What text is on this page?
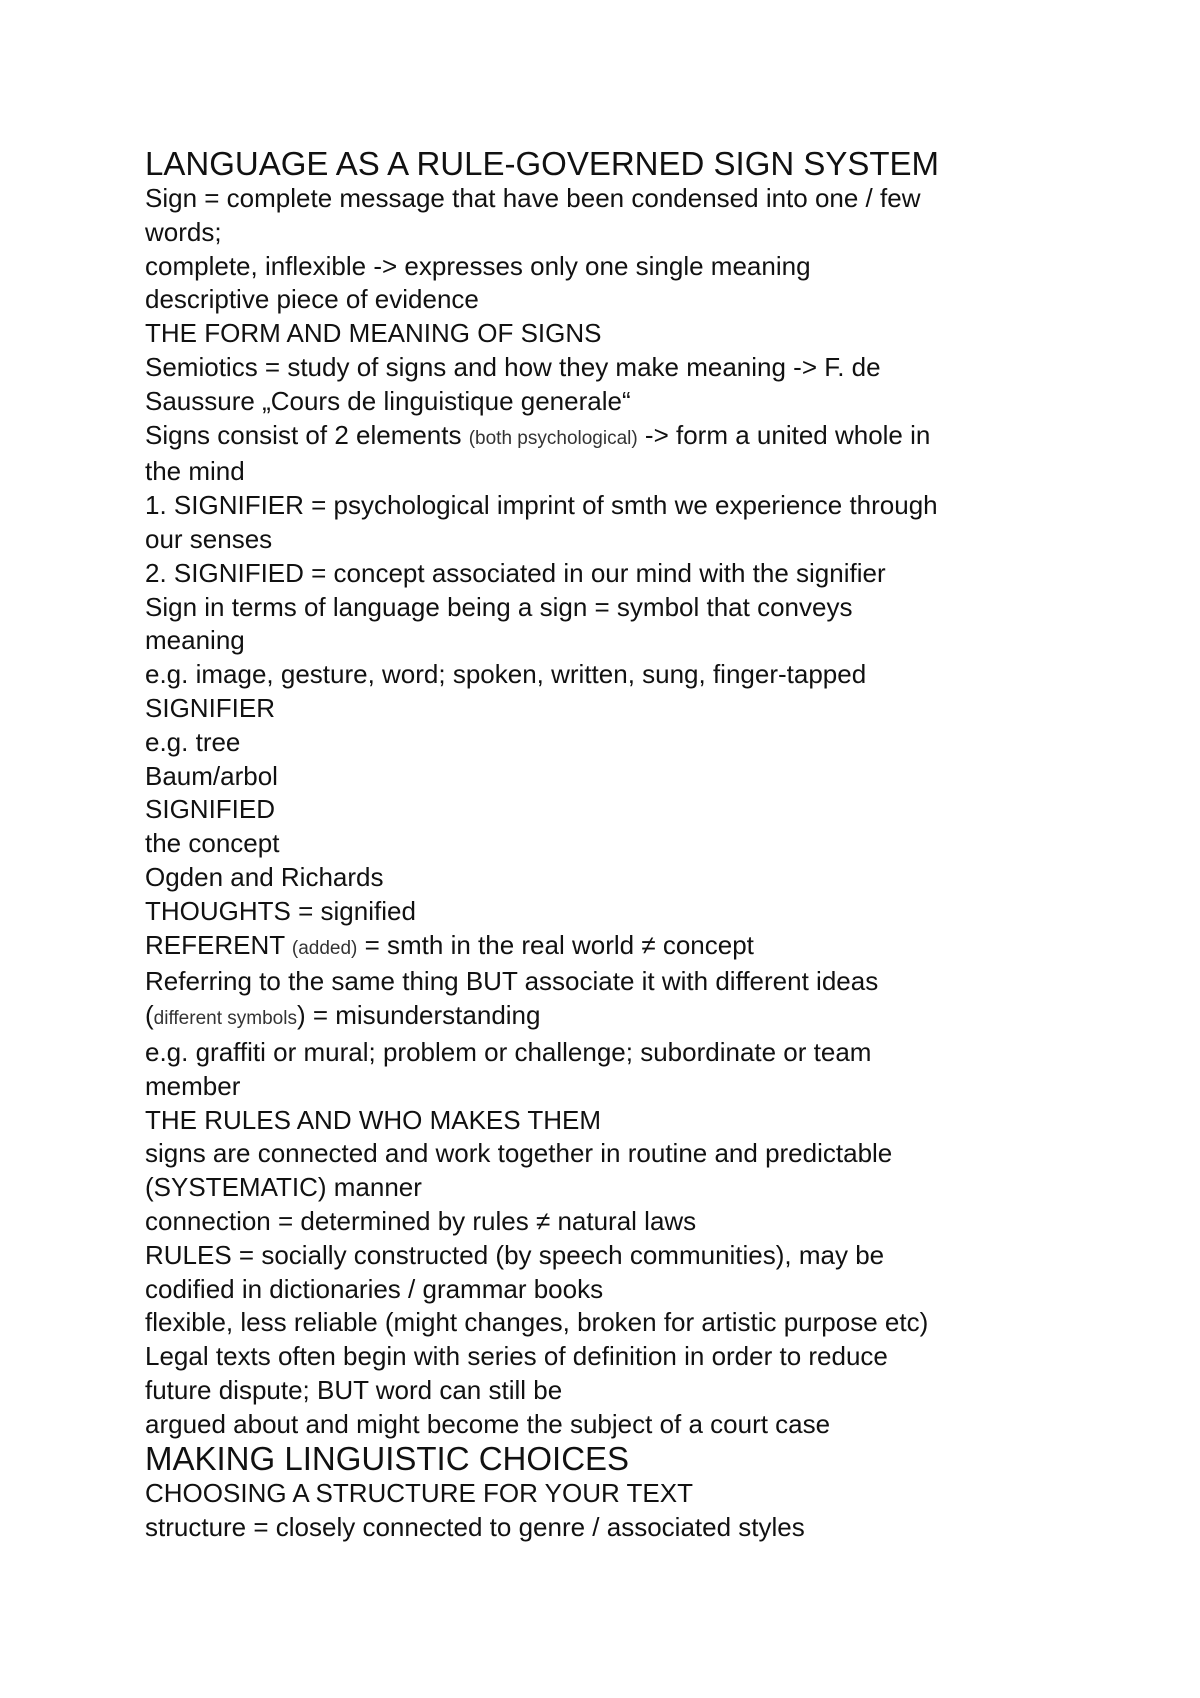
LANGUAGE AS A RULE-GOVERNED SIGN SYSTEM
Sign = complete message that have been condensed into one / few
words;
complete, inflexible -> expresses only one single meaning
descriptive piece of evidence
THE FORM AND MEANING OF SIGNS
Semiotics = study of signs and how they make meaning -> F. de
Saussure „Cours de linguistique generale“
Signs consist of 2 elements (both psychological) -> form a united whole in
the mind
1. SIGNIFIER = psychological imprint of smth we experience through
our senses
2. SIGNIFIED = concept associated in our mind with the signifier
Sign in terms of language being a sign = symbol that conveys
meaning
e.g. image, gesture, word; spoken, written, sung, finger-tapped
SIGNIFIER
e.g. tree
Baum/arbol
SIGNIFIED
the concept
Ogden and Richards
THOUGHTS = signified
REFERENT (added) = smth in the real world ≠ concept
Referring to the same thing BUT associate it with different ideas
(different symbols) = misunderstanding
e.g. graffiti or mural; problem or challenge; subordinate or team
member
THE RULES AND WHO MAKES THEM
signs are connected and work together in routine and predictable
(SYSTEMATIC) manner
connection = determined by rules ≠ natural laws
RULES = socially constructed (by speech communities), may be
codified in dictionaries / grammar books
flexible, less reliable (might changes, broken for artistic purpose etc)
Legal texts often begin with series of definition in order to reduce
future dispute; BUT word can still be
argued about and might become the subject of a court case
MAKING LINGUISTIC CHOICES
CHOOSING A STRUCTURE FOR YOUR TEXT
structure = closely connected to genre / associated styles
